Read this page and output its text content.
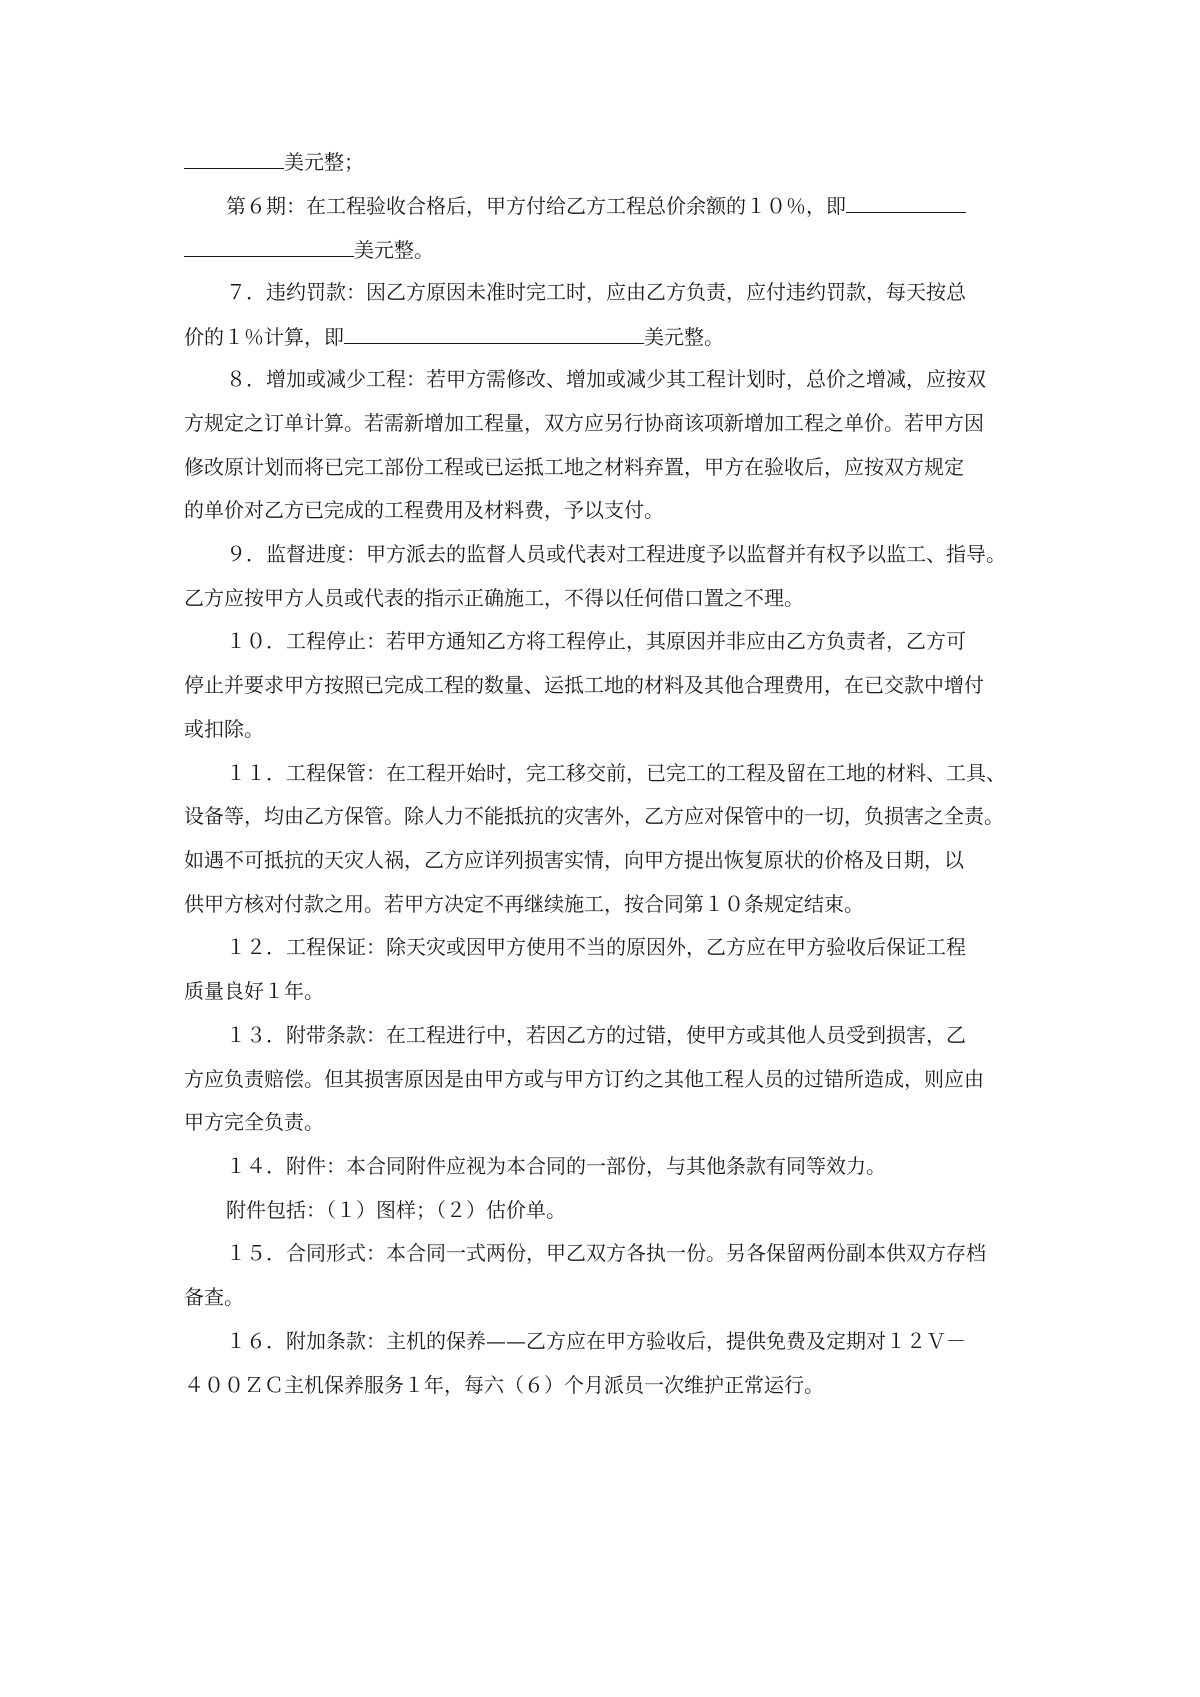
美元整；
第６期：在工程验收合格后，甲方付给乙方工程总价余额的１０％，即
美元整。
７．违约罚款：因乙方原因未准时完工时，应由乙方负责，应付违约罚款，每天按总
价的１％计算，即	美元整。
８．增加或减少工程：若甲方需修改、增加或减少其工程计划时，总价之增减，应按双
方规定之订单计算。若需新增加工程量，双方应另行协商该项新增加工程之单价。若甲方因
修改原计划而将已完工部份工程或已运抵工地之材料弃置，甲方在验收后，应按双方规定
的单价对乙方已完成的工程费用及材料费，予以支付。
９．监督进度：甲方派去的监督人员或代表对工程进度予以监督并有权予以监工、指导。
乙方应按甲方人员或代表的指示正确施工，不得以任何借口置之不理。
１０．工程停止：若甲方通知乙方将工程停止，其原因并非应由乙方负责者，乙方可
停止并要求甲方按照已完成工程的数量、运抵工地的材料及其他合理费用，在已交款中增付
或扣除。
１１．工程保管：在工程开始时，完工移交前，已完工的工程及留在工地的材料、工具、
设备等，均由乙方保管。除人力不能抵抗的灾害外，乙方应对保管中的一切，负损害之全责。
如遇不可抵抗的天灾人祸，乙方应详列损害实情，向甲方提出恢复原状的价格及日期，以
供甲方核对付款之用。若甲方决定不再继续施工，按合同第１０条规定结束。
１２．工程保证：除天灾或因甲方使用不当的原因外，乙方应在甲方验收后保证工程
质量良好１年。
１３．附带条款：在工程进行中，若因乙方的过错，使甲方或其他人员受到损害，乙
方应负责赔偿。但其损害原因是由甲方或与甲方订约之其他工程人员的过错所造成，则应由
甲方完全负责。
１４．附件：本合同附件应视为本合同的一部份，与其他条款有同等效力。
附件包括：（１）图样；（２）估价单。
１５．合同形式：本合同一式两份，甲乙双方各执一份。另各保留两份副本供双方存档
备查。
１６．附加条款：主机的保养——乙方应在甲方验收后，提供免费及定期对１２Ｖ－
４００ＺＣ主机保养服务１年，每六（６）个月派员一次维护正常运行。
